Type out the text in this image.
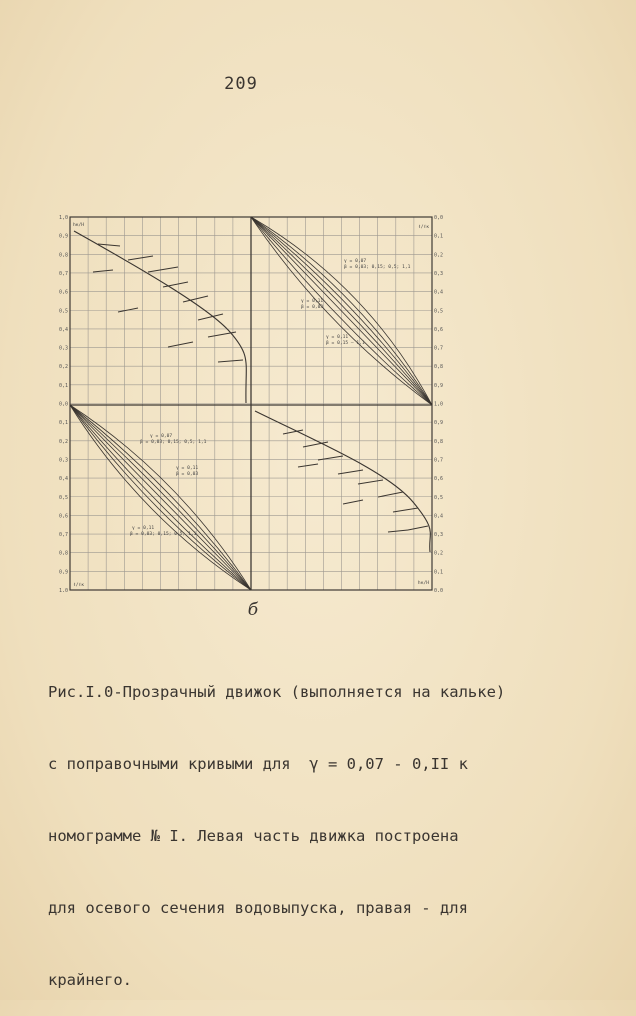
209
1,0
0,9
0,8
0,7
0,6
0,5
0,4
0,3
0,2
0,1
0,0
0,1
0,2
0,3
0,4
0,5
0,6
0,7
0,8
0,9
1,0
0,0
0,1
0,2
0,3
0,4
0,5
0,6
0,7
0,8
0,9
1,0
0,9
0,8
0,7
0,6
0,5
0,4
0,3
0,2
0,1
0,0
hк/H	ℓ/ℓк
ℓ/ℓк	hк/H
γ = 0,07
β = 0,03; 0,15; 0,5; 1,1
γ = 0,11
β = 0,03
γ = 0,11
β = 0,15 – 1,1
γ = 0,07
β = 0,03; 0,15; 0,5; 1,1
γ = 0,11
β = 0,03
γ = 0,11
β = 0,03; 0,15; 0,5; 1,1
б

Рис.I.0-Прозрачный движок (выполняется на кальке)

с поправочными кривыми для  γ = 0,07 - 0,II к

номограмме № I. Левая часть движка построена

для осевого сечения водовыпуска, правая - для

крайнего.
